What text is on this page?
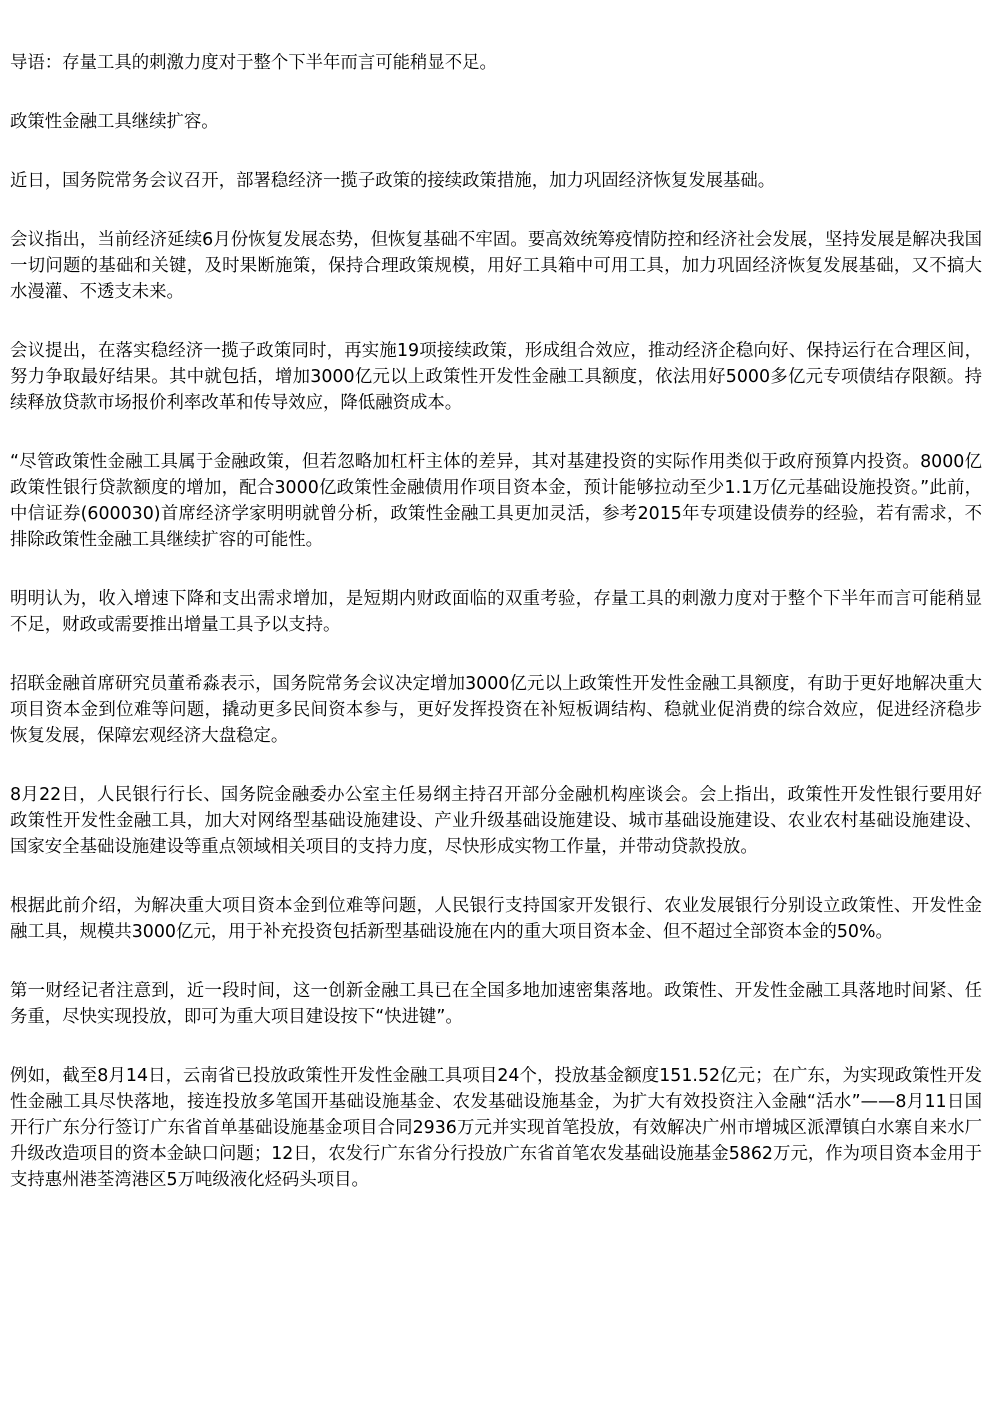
导语：存量工具的刺激力度对于整个下半年而言可能稍显不足。

政策性金融工具继续扩容。

近日，国务院常务会议召开，部署稳经济一揽子政策的接续政策措施，加力巩固经济恢复发展基础。

会议指出，当前经济延续6月份恢复发展态势，但恢复基础不牢固。要高效统筹疫情防控和经济社会发展，坚持发展是解决我国一切问题的基础和关键，及时果断施策，保持合理政策规模，用好工具箱中可用工具，加力巩固经济恢复发展基础，又不搞大水漫灌、不透支未来。

会议提出，在落实稳经济一揽子政策同时，再实施19项接续政策，形成组合效应，推动经济企稳向好、保持运行在合理区间，努力争取最好结果。其中就包括，增加3000亿元以上政策性开发性金融工具额度，依法用好5000多亿元专项债结存限额。持续释放贷款市场报价利率改革和传导效应，降低融资成本。

“尽管政策性金融工具属于金融政策，但若忽略加杠杆主体的差异，其对基建投资的实际作用类似于政府预算内投资。8000亿政策性银行贷款额度的增加，配合3000亿政策性金融债用作项目资本金，预计能够拉动至少1.1万亿元基础设施投资。”此前，中信证券(600030)首席经济学家明明就曾分析，政策性金融工具更加灵活，参考2015年专项建设债券的经验，若有需求，不排除政策性金融工具继续扩容的可能性。

明明认为，收入增速下降和支出需求增加，是短期内财政面临的双重考验，存量工具的刺激力度对于整个下半年而言可能稍显不足，财政或需要推出增量工具予以支持。

招联金融首席研究员董希淼表示，国务院常务会议决定增加3000亿元以上政策性开发性金融工具额度，有助于更好地解决重大项目资本金到位难等问题，撬动更多民间资本参与，更好发挥投资在补短板调结构、稳就业促消费的综合效应，促进经济稳步恢复发展，保障宏观经济大盘稳定。

8月22日，人民银行行长、国务院金融委办公室主任易纲主持召开部分金融机构座谈会。会上指出，政策性开发性银行要用好政策性开发性金融工具，加大对网络型基础设施建设、产业升级基础设施建设、城市基础设施建设、农业农村基础设施建设、国家安全基础设施建设等重点领域相关项目的支持力度，尽快形成实物工作量，并带动贷款投放。

根据此前介绍，为解决重大项目资本金到位难等问题，人民银行支持国家开发银行、农业发展银行分别设立政策性、开发性金融工具，规模共3000亿元，用于补充投资包括新型基础设施在内的重大项目资本金、但不超过全部资本金的50%。

第一财经记者注意到，近一段时间，这一创新金融工具已在全国多地加速密集落地。政策性、开发性金融工具落地时间紧、任务重，尽快实现投放，即可为重大项目建设按下“快进键”。

例如，截至8月14日，云南省已投放政策性开发性金融工具项目24个，投放基金额度151.52亿元；在广东，为实现政策性开发性金融工具尽快落地，接连投放多笔国开基础设施基金、农发基础设施基金，为扩大有效投资注入金融“活水”——8月11日国开行广东分行签订广东省首单基础设施基金项目合同2936万元并实现首笔投放，有效解决广州市增城区派潭镇白水寨自来水厂升级改造项目的资本金缺口问题；12日，农发行广东省分行投放广东省首笔农发基础设施基金5862万元，作为项目资本金用于支持惠州港荃湾港区5万吨级液化烃码头项目。
